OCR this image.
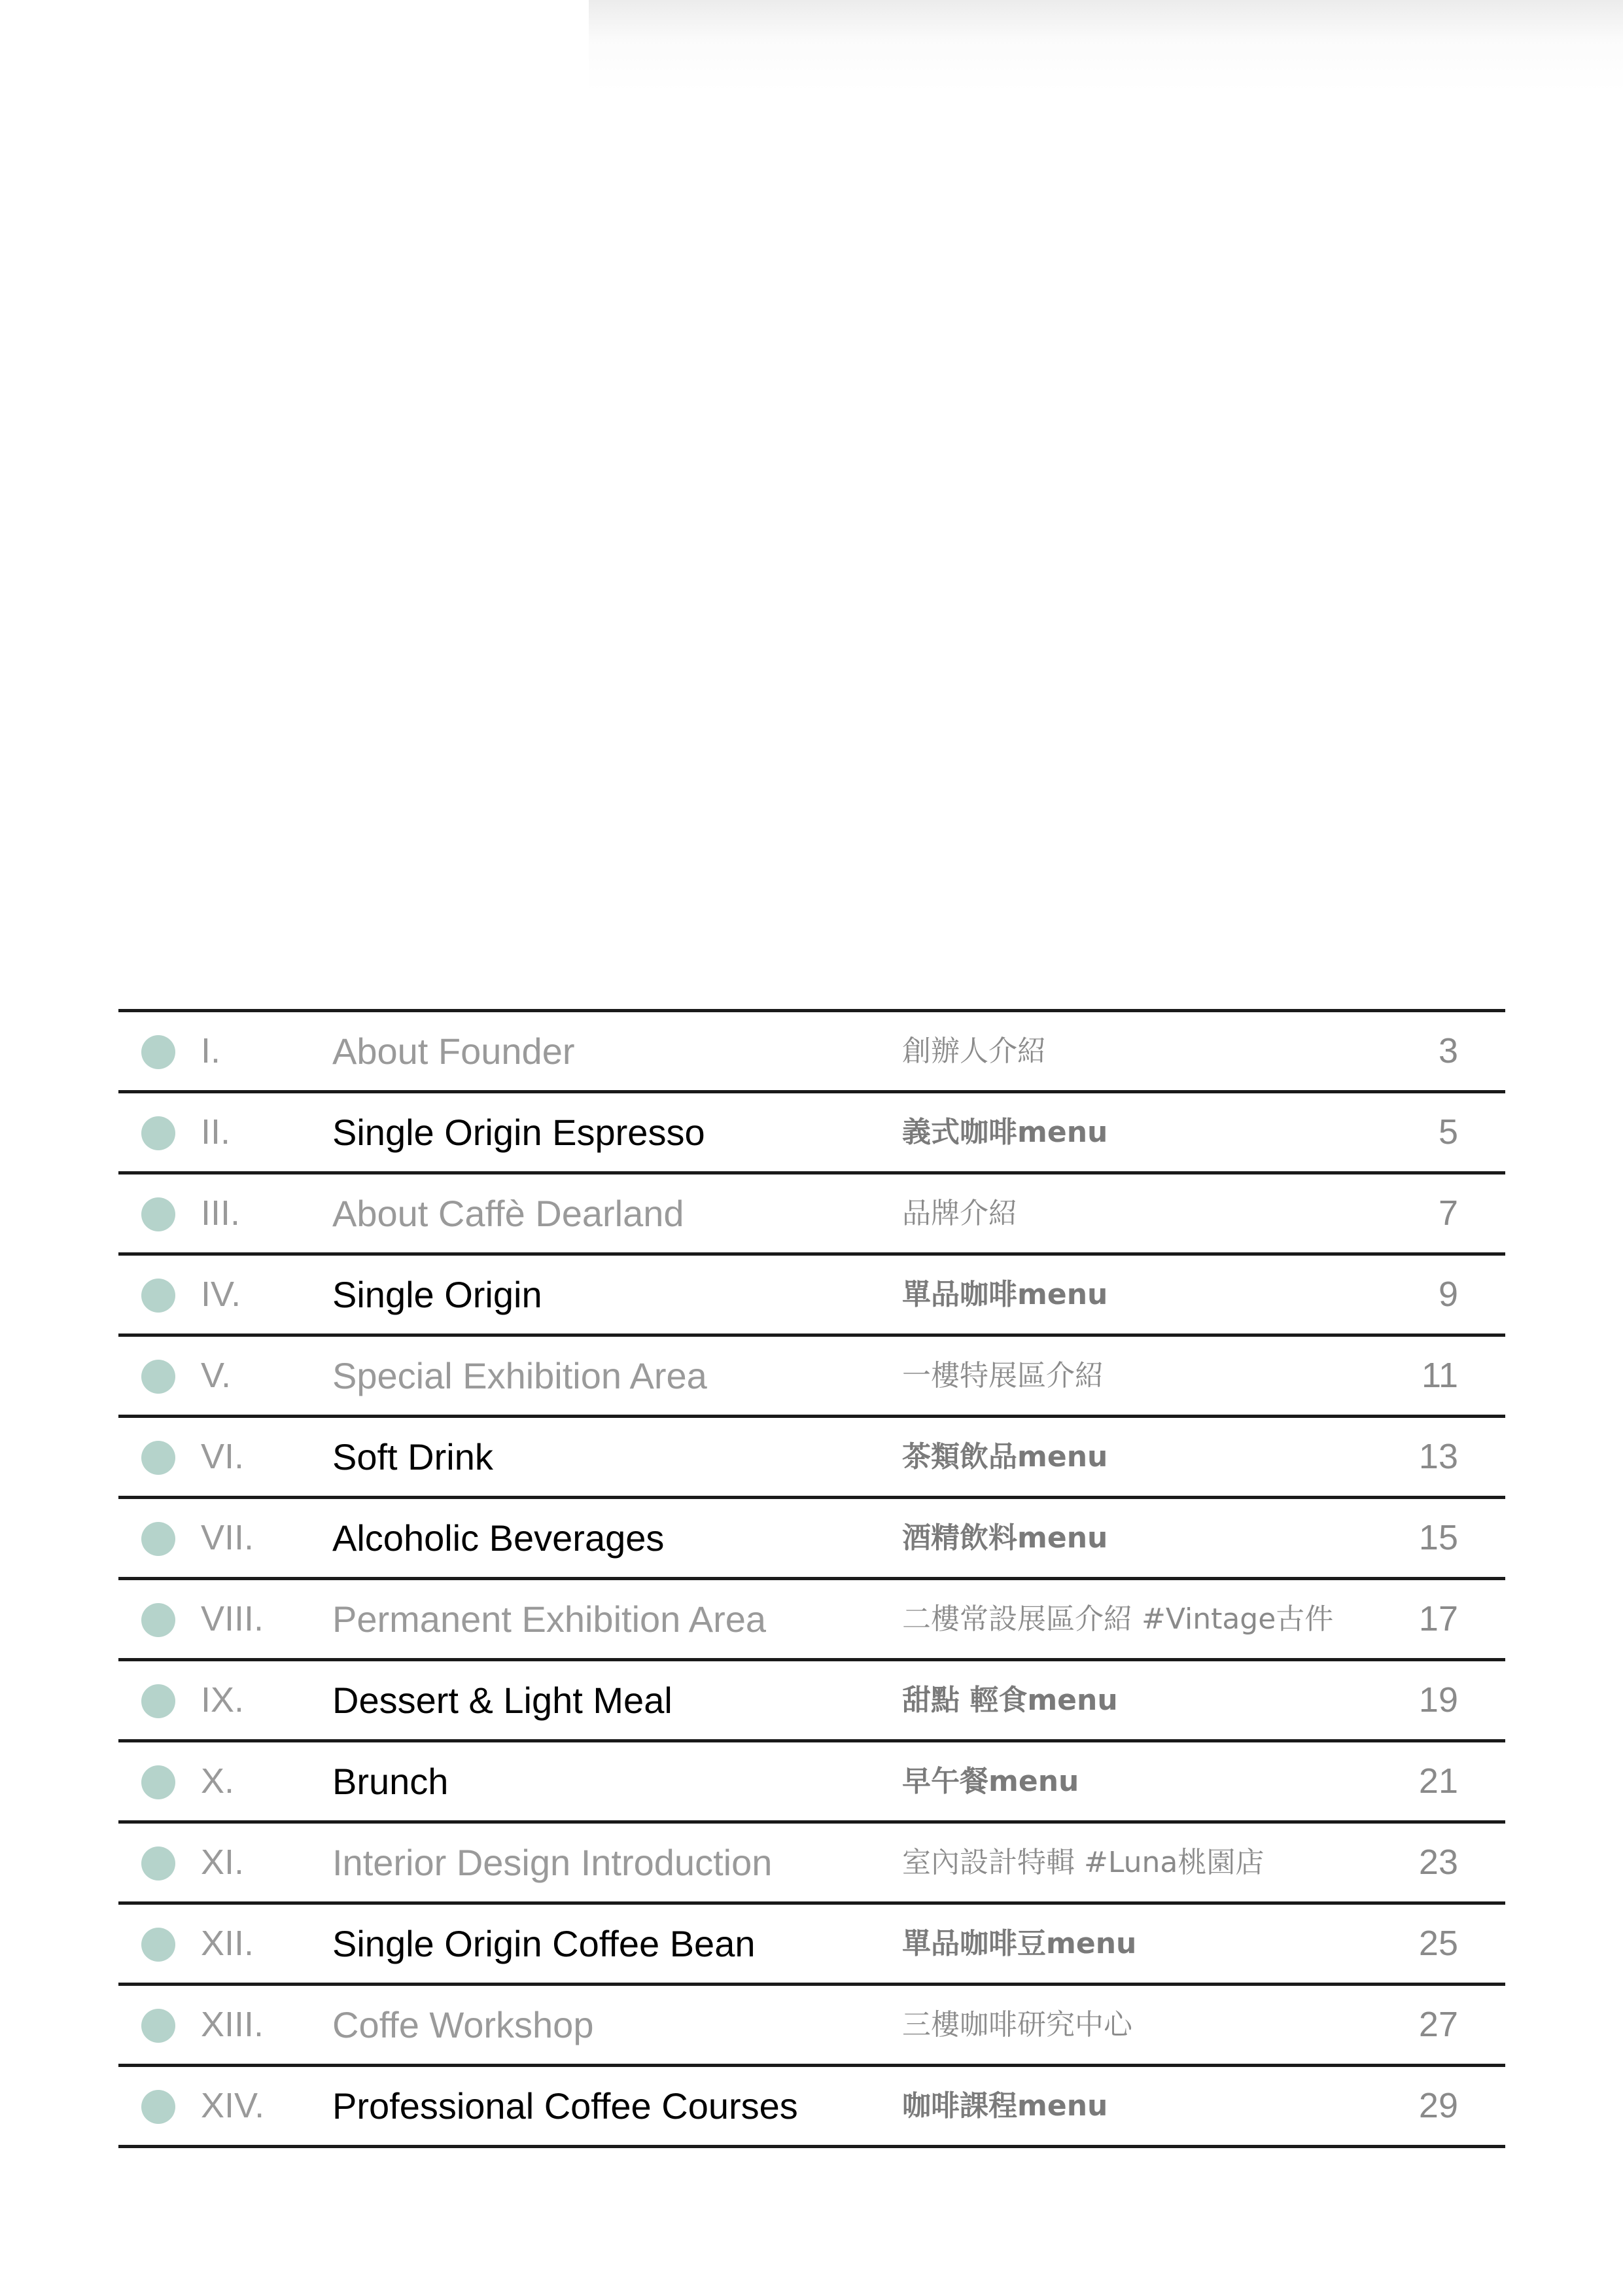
I.	About Founder	創辦人介紹	3
II.	Single Origin Espresso	義式咖啡menu	5
III.	About Caffè Dearland	品牌介紹	7
IV. Single Origin	單品咖啡menu	9
V.	Special Exhibition Area	一樓特展區介紹	11
VI. Soft Drink	茶類飲品menu	13
VII. Alcoholic Beverages	酒精飲料menu	15
VIII. Permanent Exhibition Area	二樓常設展區介紹 #Vintage古件 17
IX. Dessert & Light Meal	甜點 輕食menu	19
X.	Brunch	早午餐menu	21
XI. Interior Design Introduction	室內設計特輯 #Luna桃園店	23
XII. Single Origin Coffee Bean	單品咖啡豆menu	25
XIII. Coffe Workshop	三樓咖啡研究中心	27
XIV. Professional Coffee Courses	咖啡課程menu	29
